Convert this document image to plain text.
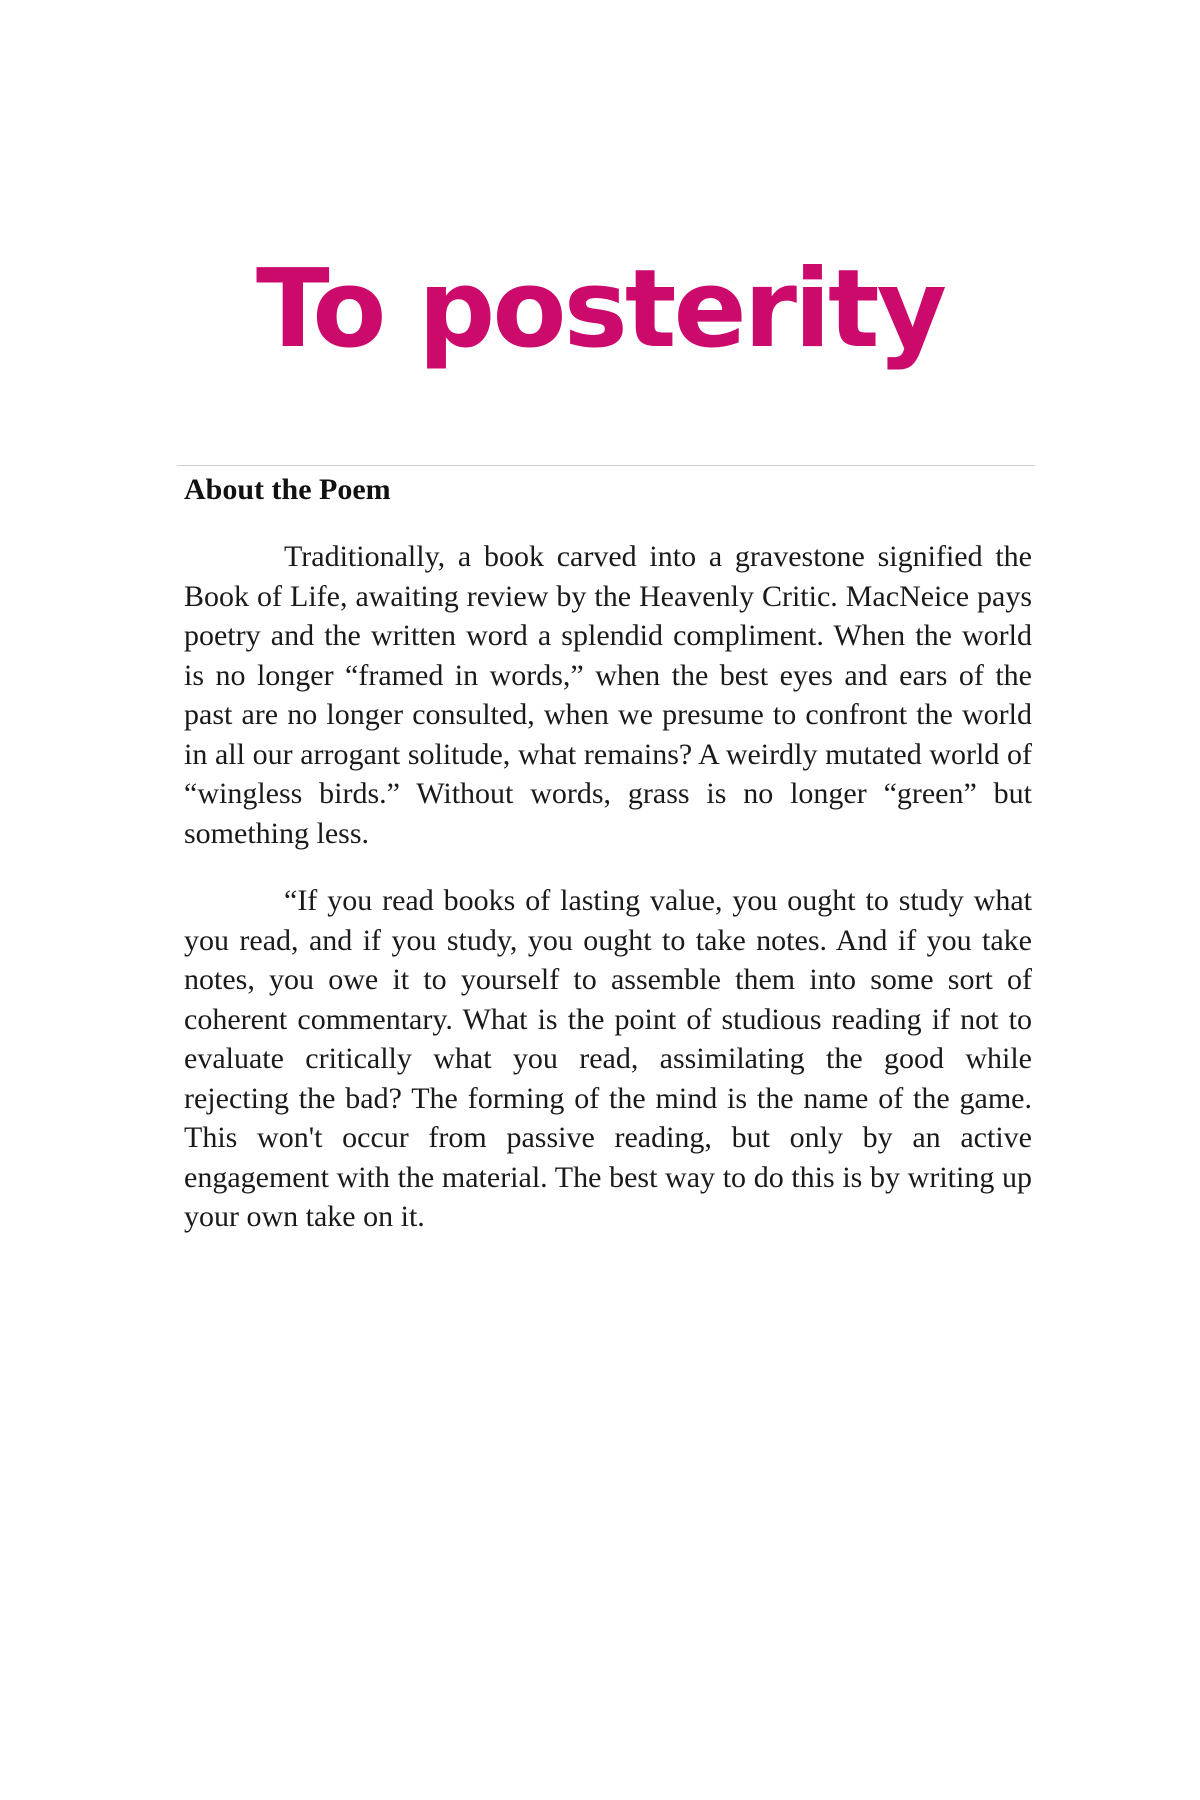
To posterity
About the Poem

Traditionally, a book carved into a gravestone signified the Book of Life, awaiting review by the Heavenly Critic. MacNeice pays poetry and the written word a splendid compliment. When the world is no longer “framed in words,” when the best eyes and ears of the past are no longer consulted, when we presume to confront the world in all our arrogant solitude, what remains? A weirdly mutated world of “wingless birds.” Without words, grass is no longer “green” but something less.

“If you read books of lasting value, you ought to study what you read, and if you study, you ought to take notes. And if you take notes, you owe it to yourself to assemble them into some sort of coherent commentary. What is the point of studious reading if not to evaluate critically what you read, assimilating the good while rejecting the bad? The forming of the mind is the name of the game. This won't occur from passive reading, but only by an active engagement with the material. The best way to do this is by writing up your own take on it.
